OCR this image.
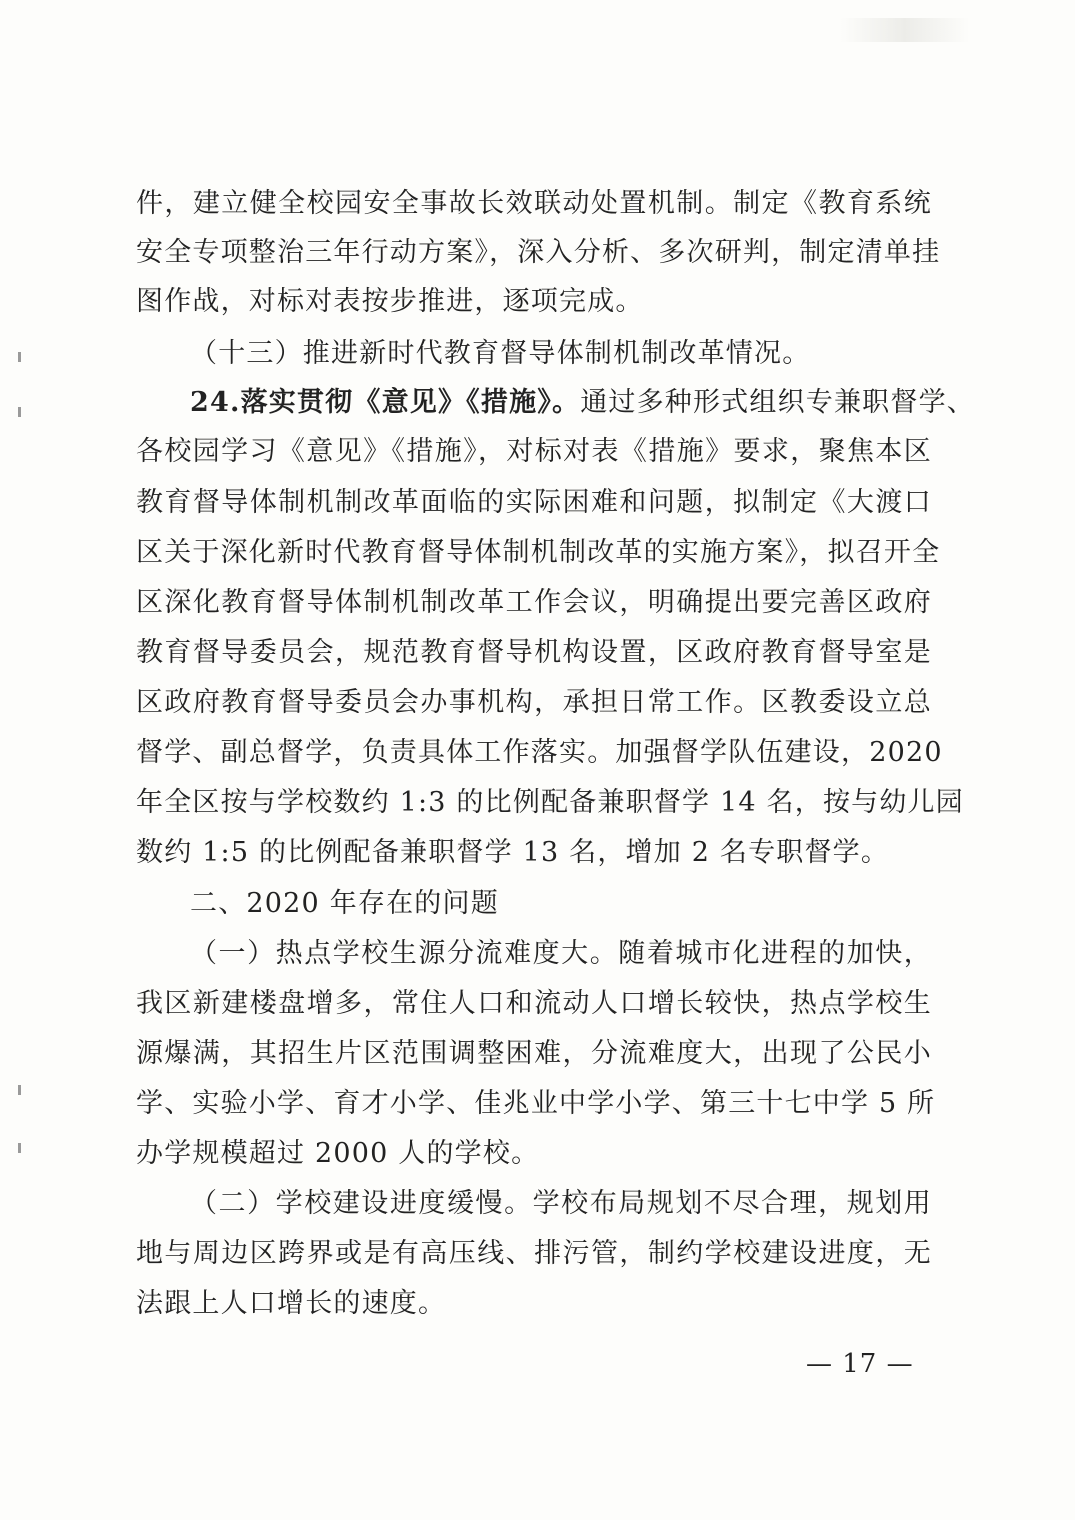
件，建立健全校园安全事故长效联动处置机制。制定《教育系统
安全专项整治三年行动方案》，深入分析、多次研判，制定清单挂
图作战，对标对表按步推进，逐项完成。
（十三）推进新时代教育督导体制机制改革情况。
24.落实贯彻《意见》《措施》。通过多种形式组织专兼职督学、
各校园学习《意见》《措施》，对标对表《措施》要求，聚焦本区
教育督导体制机制改革面临的实际困难和问题，拟制定《大渡口
区关于深化新时代教育督导体制机制改革的实施方案》，拟召开全
区深化教育督导体制机制改革工作会议，明确提出要完善区政府
教育督导委员会，规范教育督导机构设置，区政府教育督导室是
区政府教育督导委员会办事机构，承担日常工作。区教委设立总
督学、副总督学，负责具体工作落实。加强督学队伍建设，2020
年全区按与学校数约 1:3 的比例配备兼职督学 14 名，按与幼儿园
数约 1:5 的比例配备兼职督学 13 名，增加 2 名专职督学。
二、2020 年存在的问题
（一）热点学校生源分流难度大。随着城市化进程的加快，
我区新建楼盘增多，常住人口和流动人口增长较快，热点学校生
源爆满，其招生片区范围调整困难，分流难度大，出现了公民小
学、实验小学、育才小学、佳兆业中学小学、第三十七中学 5 所
办学规模超过 2000 人的学校。
（二）学校建设进度缓慢。学校布局规划不尽合理，规划用
地与周边区跨界或是有高压线、排污管，制约学校建设进度，无
法跟上人口增长的速度。
— 17 —
